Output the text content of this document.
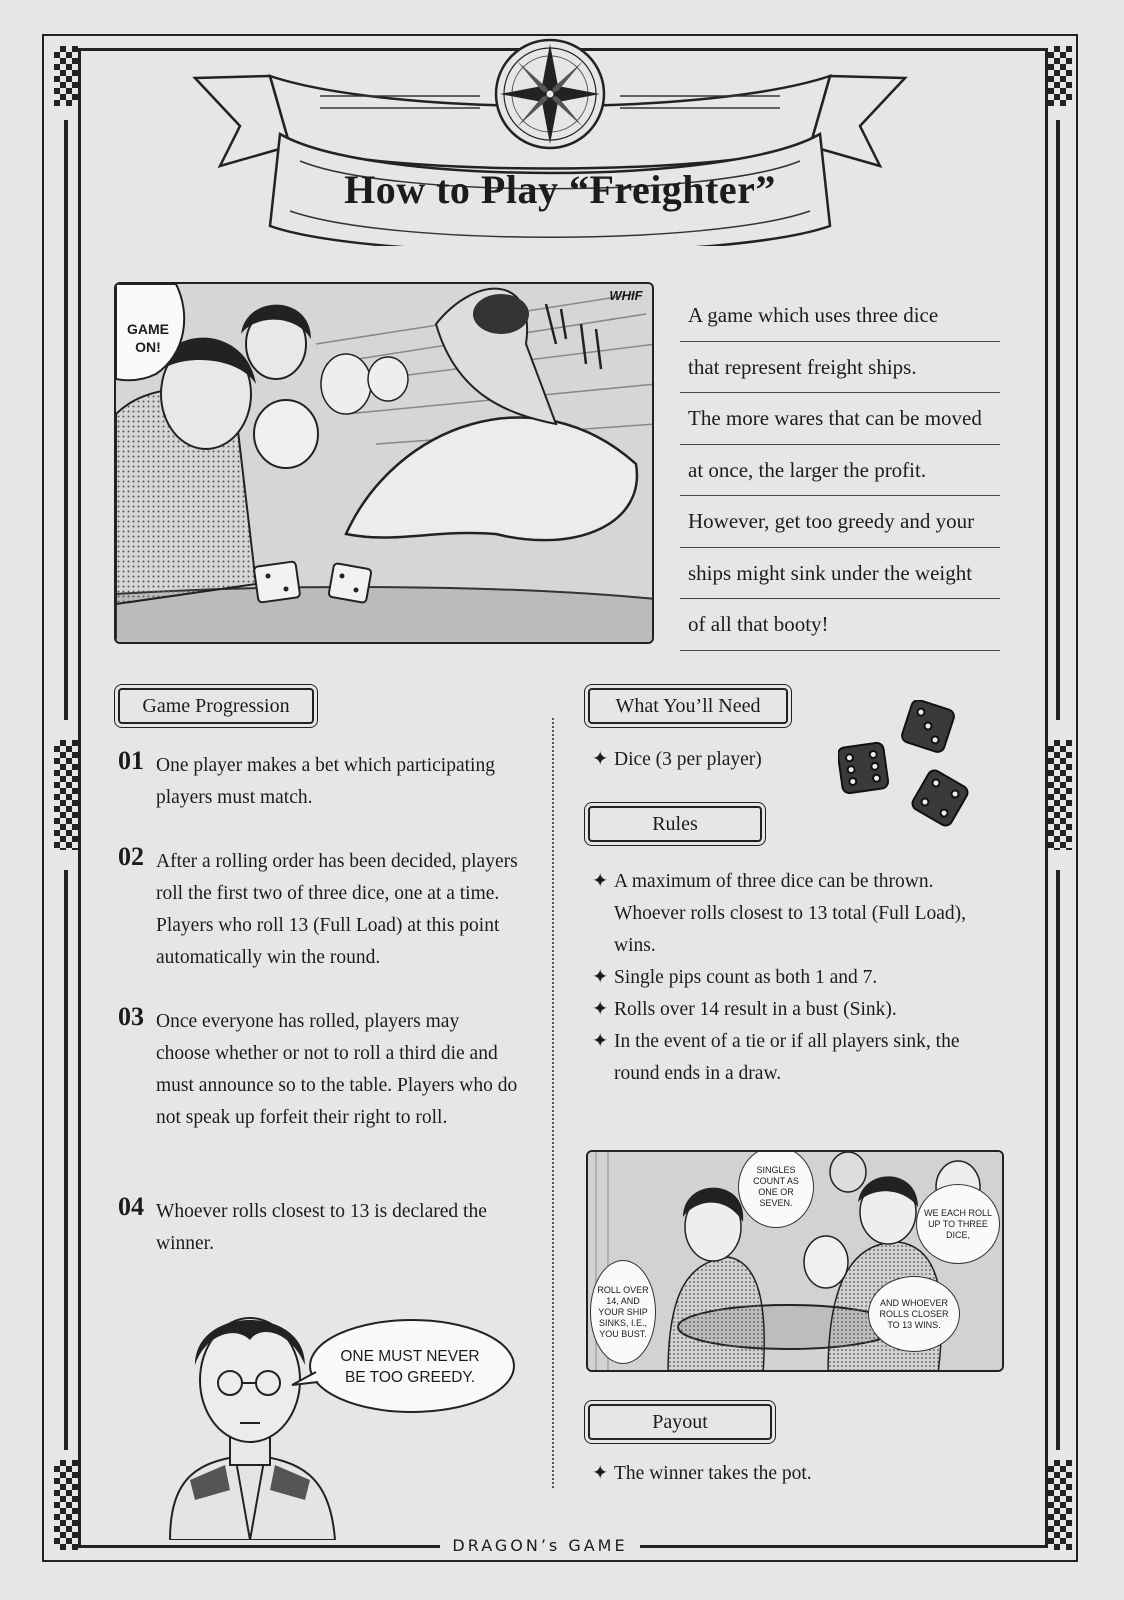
How to Play “Freighter”
GAME ON!
WHIF
A game which uses three dice
that represent freight ships.
The more wares that can be moved
at once, the larger the profit.
However, get too greedy and your
ships might sink under the weight
of all that booty!
Game Progression
01 One player makes a bet which participating players must match.
02 After a rolling order has been decided, players roll the first two of three dice, one at a time. Players who roll 13 (Full Load) at this point automatically win the round.
03 Once everyone has rolled, players may choose whether or not to roll a third die and must announce so to the table. Players who do not speak up forfeit their right to roll.
04 Whoever rolls closest to 13 is declared the winner.
ONE MUST NEVER BE TOO GREEDY.
What You’ll Need
✦ Dice (3 per player)
Rules
✦ A maximum of three dice can be thrown. Whoever rolls closest to 13 total (Full Load), wins.
✦ Single pips count as both 1 and 7.
✦ Rolls over 14 result in a bust (Sink).
✦ In the event of a tie or if all players sink, the round ends in a draw.
SINGLES COUNT AS ONE OR SEVEN.
WE EACH ROLL UP TO THREE DICE,
ROLL OVER 14, AND YOUR SHIP SINKS, I.E., YOU BUST.
AND WHOEVER ROLLS CLOSER TO 13 WINS.
Payout
✦ The winner takes the pot.
DRAGON’s GAME
